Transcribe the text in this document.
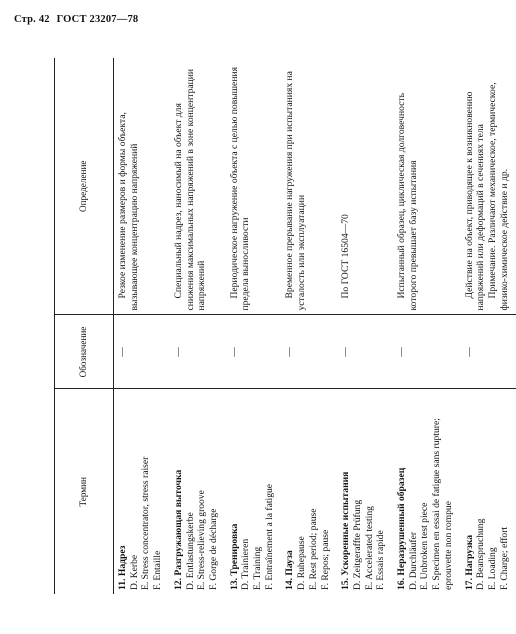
Стр. 42 ГОСТ 23207—78
Термин	Обозначение	Определение

11. Надрез D. Kerbe E. Stress concentrator, stress raiser F. Entaille	—	Резкое изменение размеров и формы объекта, вызывающее концентрацию напряжений

12. Разгружающая выточка D. Entlastungskerbe E. Stress-relieving groove F. Gorge de décharge	—	Специальный надрез, наносимый на объект для снижения максимальных напряжений в зоне концентрации напряжений

13. Тренировка D. Trainieren E. Training F. Entraînement a la fatigue	—	Периодическое нагружение объекта с целью повышения предела выносливости

14. Пауза D. Ruhepause E. Rest period; pause F. Repos; pause	—	Временное прерывание нагружения при испытаниях на усталость или эксплуатации

15. Ускоренные испытания D. Zeitgeraffte Prüfung E. Accelerated testing F. Essais rapide	—	По ГОСТ 16504—70

16. Неразрушенный образец D. Durchläufer E. Unbroken test piece F. Specimen en essai de fatigue sans rupture; eprouvette non rompue	—	Испытанный образец, циклическая долговечность которого превышает базу испытания

17. Нагрузка D. Beanspruchung E. Loading F. Charge; effort	—	Действие на объект, приводящее к возникновению напряжений или деформаций в сечениях тела Примечание. Различают механическое, термическое, физико-химическое действие и др.
